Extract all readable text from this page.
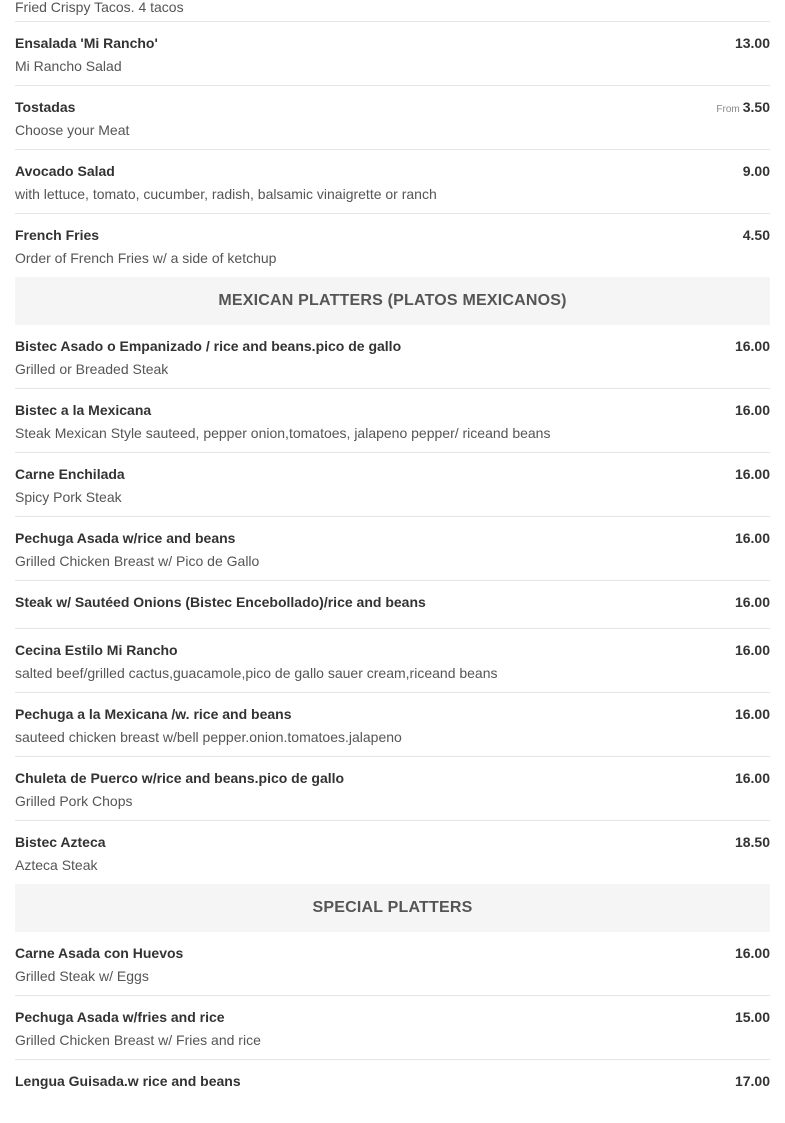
Fried Crispy Tacos. 4 tacos
Ensalada 'Mi Rancho'	13.00
Mi Rancho Salad
Tostadas	From 3.50
Choose your Meat
Avocado Salad	9.00
with lettuce, tomato, cucumber, radish, balsamic vinaigrette or ranch
French Fries	4.50
Order of French Fries w/ a side of ketchup
MEXICAN PLATTERS (PLATOS MEXICANOS)
Bistec Asado o Empanizado / rice and beans.pico de gallo	16.00
Grilled or Breaded Steak
Bistec a la Mexicana	16.00
Steak Mexican Style sauteed, pepper onion,tomatoes, jalapeno pepper/ riceand beans
Carne Enchilada	16.00
Spicy Pork Steak
Pechuga Asada w/rice and beans	16.00
Grilled Chicken Breast w/ Pico de Gallo
Steak w/ Sautéed Onions (Bistec Encebollado)/rice and beans	16.00
Cecina Estilo Mi Rancho	16.00
salted beef/grilled cactus,guacamole,pico de gallo sauer cream,riceand beans
Pechuga a la Mexicana /w. rice and beans	16.00
sauteed chicken breast w/bell pepper.onion.tomatoes.jalapeno
Chuleta de Puerco w/rice and beans.pico de gallo	16.00
Grilled Pork Chops
Bistec Azteca	18.50
Azteca Steak
SPECIAL PLATTERS
Carne Asada con Huevos	16.00
Grilled Steak w/ Eggs
Pechuga Asada w/fries and rice	15.00
Grilled Chicken Breast w/ Fries and rice
Lengua Guisada.w rice and beans	17.00
